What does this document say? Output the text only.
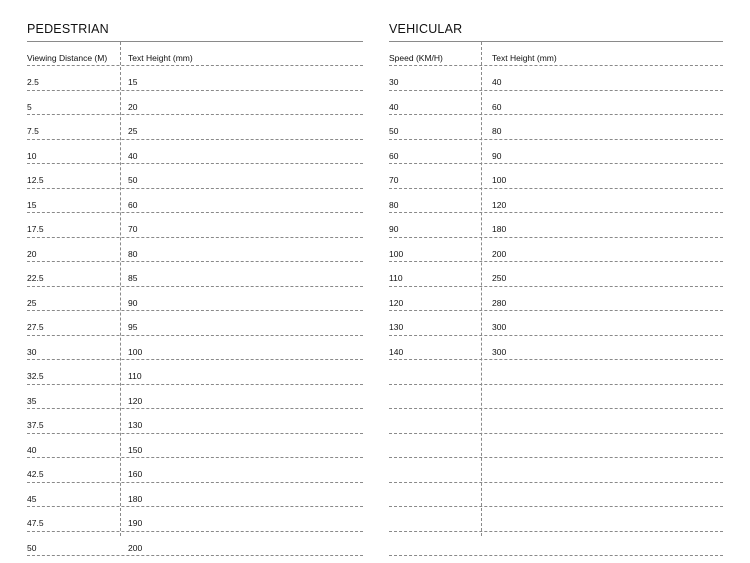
PEDESTRIAN
Viewing Distance (M) Text Height (mm)
2.5	15
5	20
7.5	25
10	40
12.5	50
15	60
17.5	70
20	80
22.5	85
25	90
27.5	95
30	100
32.5	110
35	120
37.5	130
40	150
42.5	160
45	180
47.5	190
50	200
VEHICULAR
Speed (KM/H)	Text Height (mm)
30	40
40	60
50	80
60	90
70	100
80	120
90	180
100	200
110	250
120	280
130	300
140	300
